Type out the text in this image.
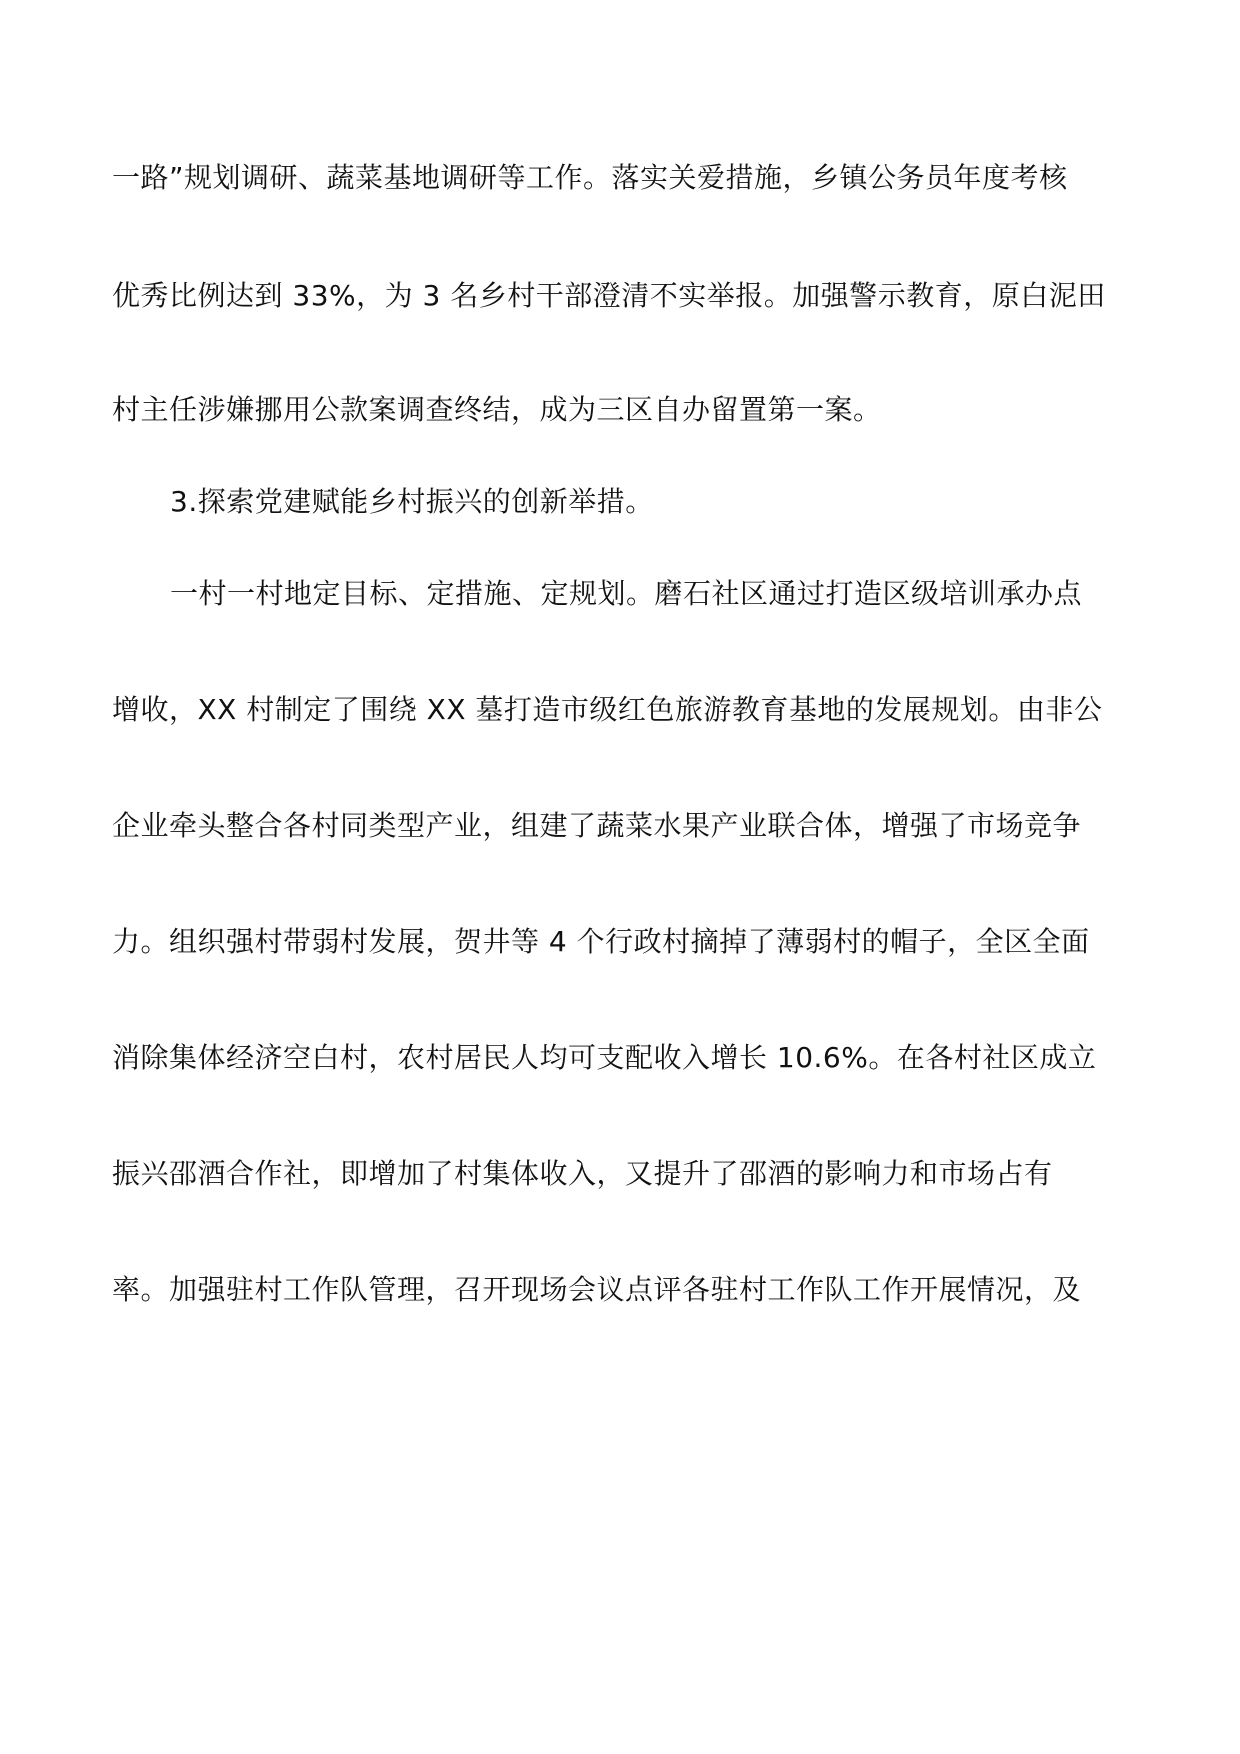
一路”规划调研、蔬菜基地调研等工作。落实关爱措施，乡镇公务员年度考核
优秀比例达到 33%，为 3 名乡村干部澄清不实举报。加强警示教育，原白泥田
村主任涉嫌挪用公款案调查终结，成为三区自办留置第一案。
3.探索党建赋能乡村振兴的创新举措。
一村一村地定目标、定措施、定规划。磨石社区通过打造区级培训承办点
增收，XX 村制定了围绕 XX 墓打造市级红色旅游教育基地的发展规划。由非公
企业牵头整合各村同类型产业，组建了蔬菜水果产业联合体，增强了市场竞争
力。组织强村带弱村发展，贺井等 4 个行政村摘掉了薄弱村的帽子，全区全面
消除集体经济空白村，农村居民人均可支配收入增长 10.6%。在各村社区成立
振兴邵酒合作社，即增加了村集体收入，又提升了邵酒的影响力和市场占有
率。加强驻村工作队管理，召开现场会议点评各驻村工作队工作开展情况，及
